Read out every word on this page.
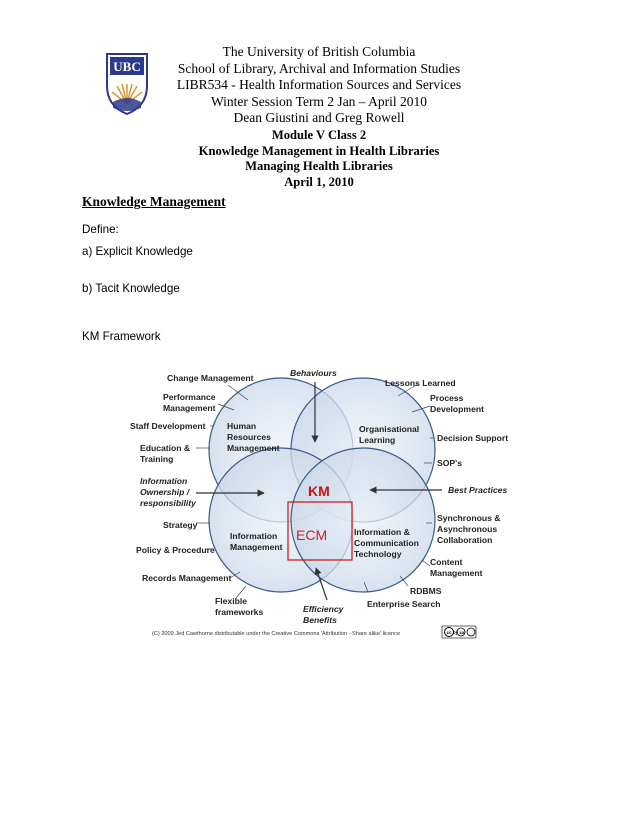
UBC
The University of British Columbia
School of Library, Archival and Information Studies
LIBR534 - Health Information Sources and Services
Winter Session Term 2 Jan – April 2010
Dean Giustini and Greg Rowell
Module V Class 2
Knowledge Management in Health Libraries
Managing Health Libraries
April 1, 2010
Knowledge Management
Define:
a) Explicit Knowledge
b) Tacit Knowledge
KM Framework
Change Management
Performance
Management
Staff Development
Education &
Training
Information
Ownership /
responsibility
Strategy
Policy & Procedure
Records Management
Flexible
frameworks
Behaviours
Efficiency
Benefits
Lessons Learned
Process
Development
Decision Support
SOP's
Best Practices
Synchronous &
Asynchronous
Collaboration
Content
Management
RDBMS
Enterprise Search
Human
Resources
Management
Organisational
Learning
Information
Management
Information &
Communication
Technology
KM
ECM
(C) 2009 Jed Cawthorne distributable under the Creative Commons 'Attribution - Share alike' licence	cc by sa
